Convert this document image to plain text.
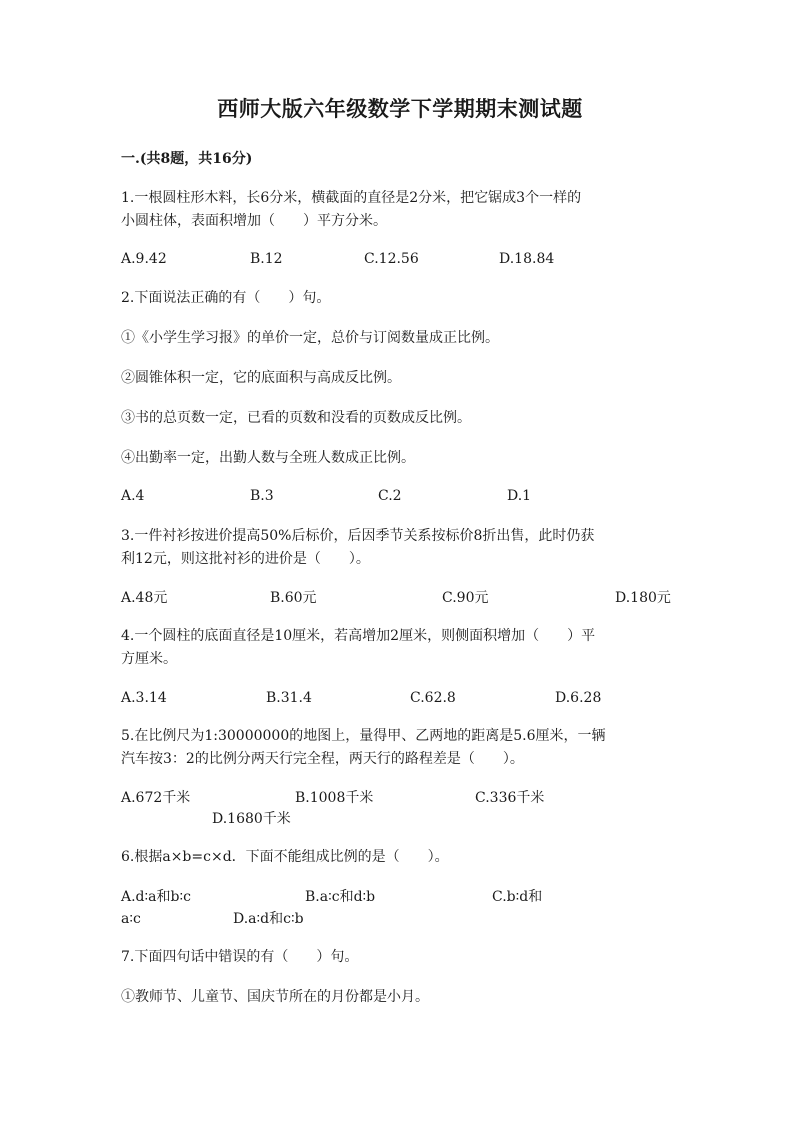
西师大版六年级数学下学期期末测试题
一.(共8题，共16分)
1.一根圆柱形木料，长6分米，横截面的直径是2分米，把它锯成3个一样的
小圆柱体，表面积增加（　　）平方分米。
A.9.42	B.12	C.12.56	D.18.84
2.下面说法正确的有（　　）句。
①《小学生学习报》的单价一定，总价与订阅数量成正比例。
②圆锥体积一定，它的底面积与高成反比例。
③书的总页数一定，已看的页数和没看的页数成反比例。
④出勤率一定，出勤人数与全班人数成正比例。
A.4	B.3	C.2	D.1
3.一件衬衫按进价提高50%后标价，后因季节关系按标价8折出售，此时仍获
利12元，则这批衬衫的进价是（　　）。
A.48元	B.60元	C.90元	D.180元
4.一个圆柱的底面直径是10厘米，若高增加2厘米，则侧面积增加（　　）平
方厘米。
A.3.14	B.31.4	C.62.8	D.6.28
5.在比例尺为1:30000000的地图上，量得甲、乙两地的距离是5.6厘米，一辆
汽车按3：2的比例分两天行完全程，两天行的路程差是（　　）。
A.672千米	B.1008千米	C.336千米
D.1680千米
6.根据a×b=c×d．下面不能组成比例的是（　　）。
A.d∶a和b∶c	B.a∶c和d∶b	C.b∶d和
a∶c	D.a∶d和c∶b
7.下面四句话中错误的有（　　）句。
①教师节、儿童节、国庆节所在的月份都是小月。
